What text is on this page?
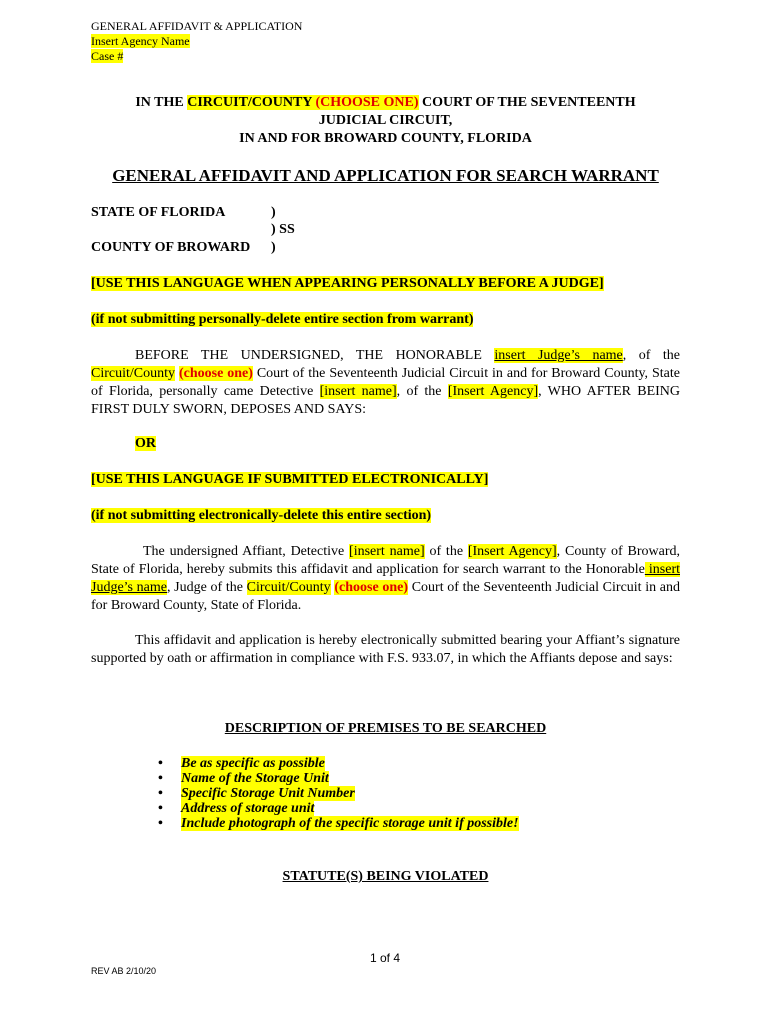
GENERAL AFFIDAVIT & APPLICATION
Insert Agency Name
Case #
IN THE CIRCUIT/COUNTY (CHOOSE ONE) COURT OF THE SEVENTEENTH
JUDICIAL CIRCUIT,
IN AND FOR BROWARD COUNTY, FLORIDA
GENERAL AFFIDAVIT AND APPLICATION FOR SEARCH WARRANT
STATE OF FLORIDA	)
) SS
COUNTY OF BROWARD )
[USE THIS LANGUAGE WHEN APPEARING PERSONALLY BEFORE A JUDGE]
(if not submitting personally-delete entire section from warrant)
BEFORE THE UNDERSIGNED, THE HONORABLE insert Judge’s name, of the Circuit/County (choose one) Court of the Seventeenth Judicial Circuit in and for Broward County, State of Florida, personally came Detective [insert name], of the [Insert Agency], WHO AFTER BEING FIRST DULY SWORN, DEPOSES AND SAYS:
OR
[USE THIS LANGUAGE IF SUBMITTED ELECTRONICALLY]
(if not submitting electronically-delete this entire section)
The undersigned Affiant, Detective [insert name] of the [Insert Agency], County of Broward, State of Florida, hereby submits this affidavit and application for search warrant to the Honorable insert Judge’s name, Judge of the Circuit/County (choose one) Court of the Seventeenth Judicial Circuit in and for Broward County, State of Florida.
This affidavit and application is hereby electronically submitted bearing your Affiant’s signature supported by oath or affirmation in compliance with F.S. 933.07, in which the Affiants depose and says:
DESCRIPTION OF PREMISES TO BE SEARCHED
• Be as specific as possible
• Name of the Storage Unit
• Specific Storage Unit Number
• Address of storage unit
• Include photograph of the specific storage unit if possible!
STATUTE(S) BEING VIOLATED
1 of 4
REV AB 2/10/20
